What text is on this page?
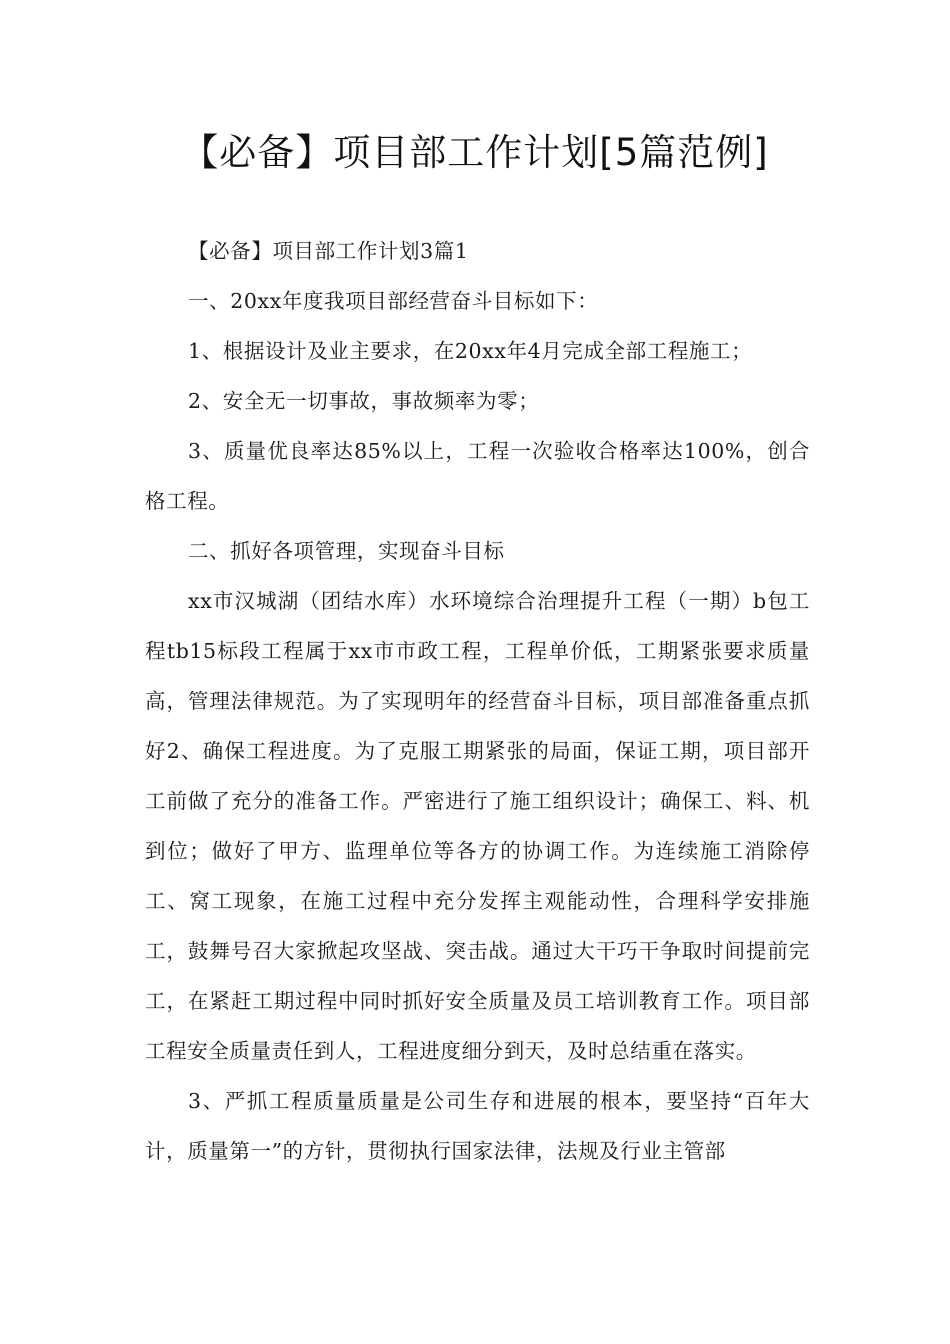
【必备】项目部工作计划[5篇范例]

【必备】项目部工作计划3篇1

一、20xx年度我项目部经营奋斗目标如下：

1、根据设计及业主要求，在20xx年4月完成全部工程施工；

2、安全无一切事故，事故频率为零；

3、质量优良率达85%以上，工程一次验收合格率达100%，创合格工程。

二、抓好各项管理，实现奋斗目标

xx市汉城湖（团结水库）水环境综合治理提升工程（一期）b包工程tb15标段工程属于xx市市政工程，工程单价低，工期紧张要求质量高，管理法律规范。为了实现明年的经营奋斗目标，项目部准备重点抓好2、确保工程进度。为了克服工期紧张的局面，保证工期，项目部开工前做了充分的准备工作。严密进行了施工组织设计；确保工、料、机到位；做好了甲方、监理单位等各方的协调工作。为连续施工消除停工、窝工现象，在施工过程中充分发挥主观能动性，合理科学安排施工，鼓舞号召大家掀起攻坚战、突击战。通过大干巧干争取时间提前完工，在紧赶工期过程中同时抓好安全质量及员工培训教育工作。项目部工程安全质量责任到人，工程进度细分到天，及时总结重在落实。

3、严抓工程质量质量是公司生存和进展的根本，要坚持“百年大计，质量第一”的方针，贯彻执行国家法律，法规及行业主管部
